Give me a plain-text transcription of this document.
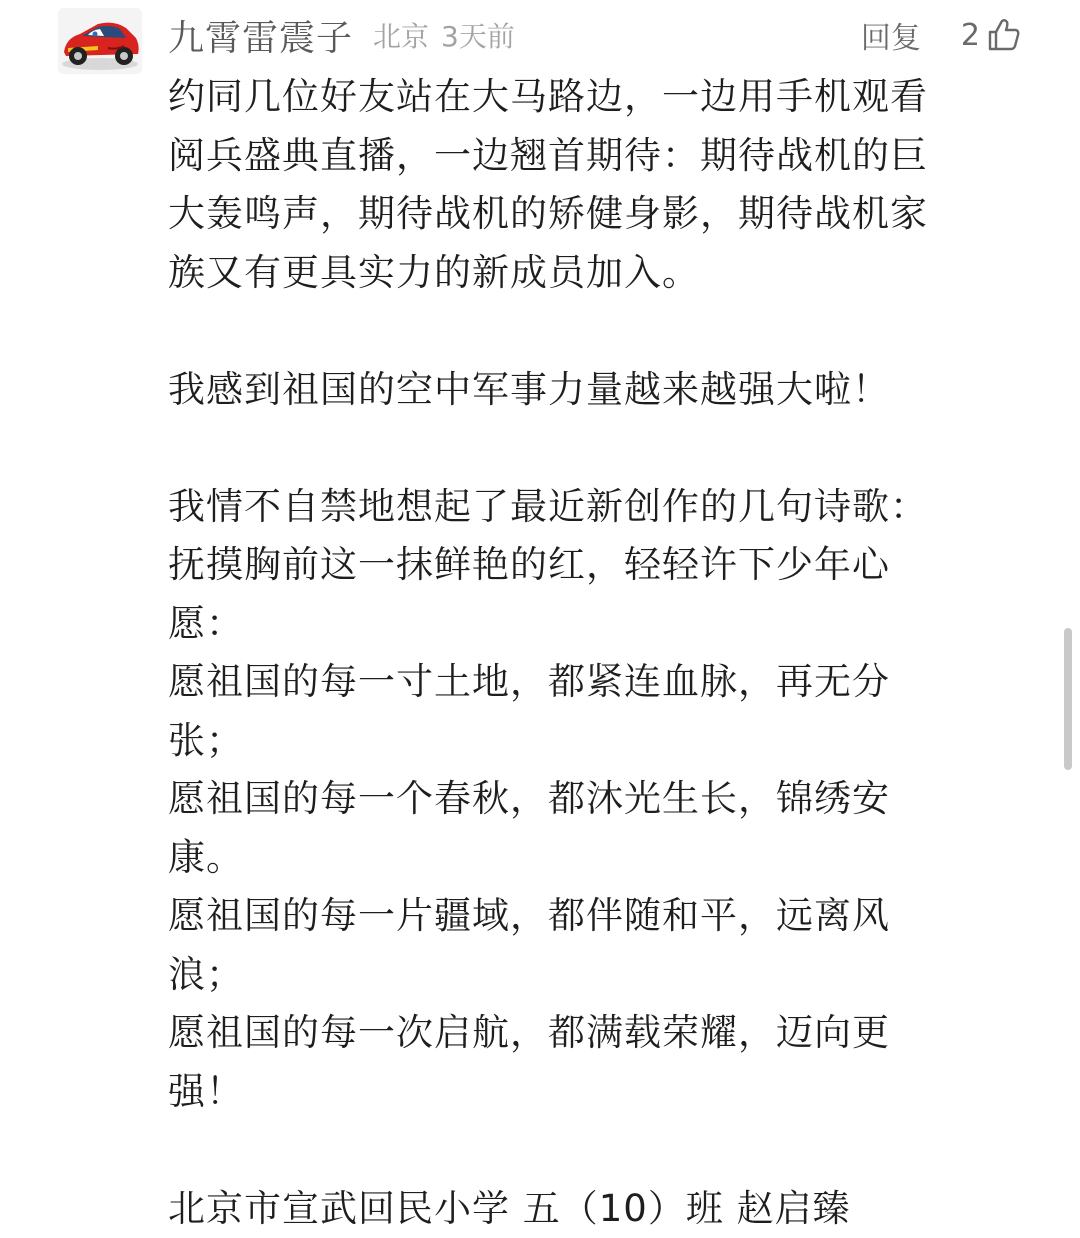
九霄雷震子 北京 3天前	回复 2
约同几位好友站在大马路边，一边用手机观看
阅兵盛典直播，一边翘首期待：期待战机的巨
大轰鸣声，期待战机的矫健身影，期待战机家
族又有更具实力的新成员加入。
我感到祖国的空中军事力量越来越强大啦！
我情不自禁地想起了最近新创作的几句诗歌：
抚摸胸前这一抹鲜艳的红，轻轻许下少年心
愿：
愿祖国的每一寸土地，都紧连血脉，再无分
张；
愿祖国的每一个春秋，都沐光生长，锦绣安
康。
愿祖国的每一片疆域，都伴随和平，远离风
浪；
愿祖国的每一次启航，都满载荣耀，迈向更
强！
北京市宣武回民小学 五（10）班 赵启臻
